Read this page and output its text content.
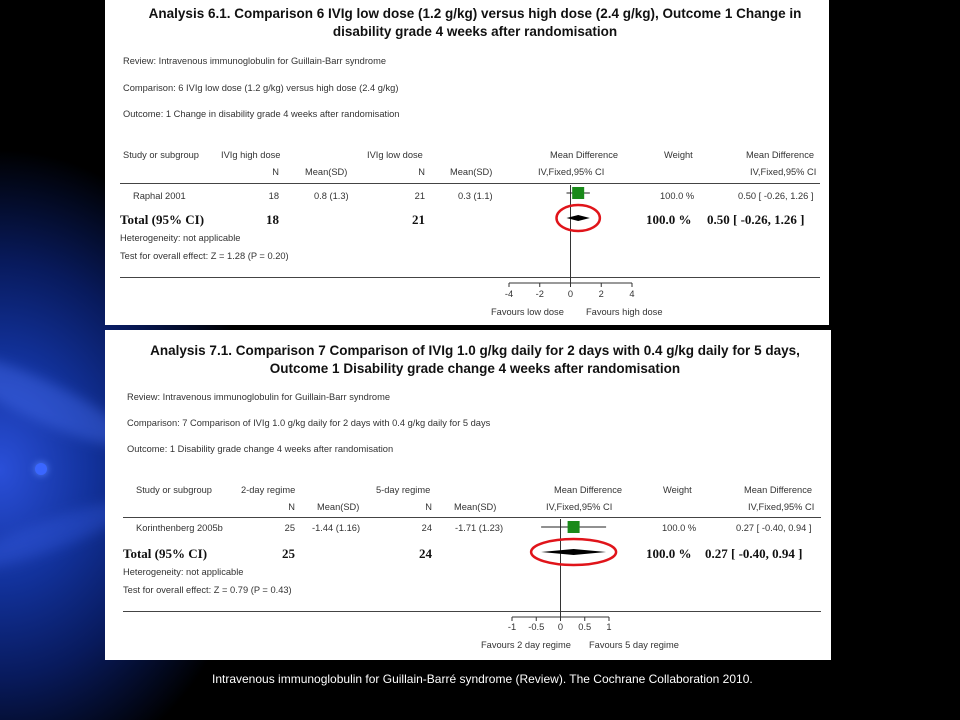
Analysis 6.1. Comparison 6 IVIg low dose (1.2 g/kg) versus high dose (2.4 g/kg), Outcome 1 Change in
disability grade 4 weeks after randomisation
Review: Intravenous immunoglobulin for Guillain-Barr syndrome
Comparison: 6 IVIg low dose (1.2 g/kg) versus high dose (2.4 g/kg)
Outcome: 1 Change in disability grade 4 weeks after randomisation
Study or subgroup IVIg high dose	IVIg low dose	Mean Difference	Weight	Mean Difference
N	Mean(SD)	N	Mean(SD)	IV,Fixed,95% CI	IV,Fixed,95% CI
Raphal 2001	18	0.8 (1.3)	21	0.3 (1.1)	100.0 %	0.50 [ -0.26, 1.26 ]
Total (95% CI)	18	21	100.0 % 0.50 [ -0.26, 1.26 ]
Heterogeneity: not applicable
Test for overall effect: Z = 1.28 (P = 0.20)
-4 -2	0	2	4
Favours low dose Favours high dose
Analysis 7.1. Comparison 7 Comparison of IVIg 1.0 g/kg daily for 2 days with 0.4 g/kg daily for 5 days,
Outcome 1 Disability grade change 4 weeks after randomisation
Review: Intravenous immunoglobulin for Guillain-Barr syndrome
Comparison: 7 Comparison of IVIg 1.0 g/kg daily for 2 days with 0.4 g/kg daily for 5 days
Outcome: 1 Disability grade change 4 weeks after randomisation
Study or subgroup	2-day regime	5-day regime	Mean Difference	Weight	Mean Difference
N Mean(SD)	N Mean(SD)	IV,Fixed,95% CI	IV,Fixed,95% CI
Korinthenberg 2005b	25 -1.44 (1.16)	24 -1.71 (1.23)	100.0 %	0.27 [ -0.40, 0.94 ]
Total (95% CI)	25	24	100.0 % 0.27 [ -0.40, 0.94 ]
Heterogeneity: not applicable
Test for overall effect: Z = 0.79 (P = 0.43)
-1 -0.5 0 0.5 1
Favours 2 day regime Favours 5 day regime
Intravenous immunoglobulin for Guillain-Barré syndrome (Review). The Cochrane Collaboration 2010.
